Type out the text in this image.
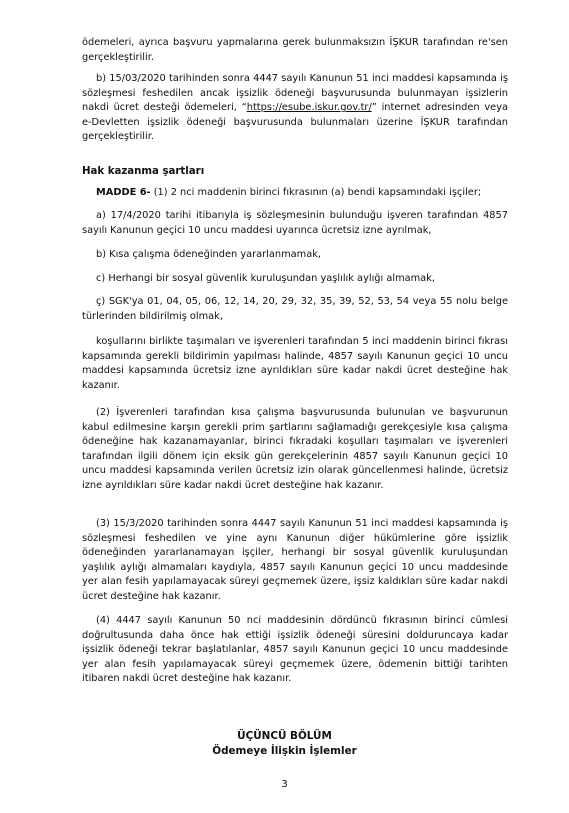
ödemeleri, ayrıca başvuru yapmalarına gerek bulunmaksızın İŞKUR tarafından re'sen gerçekleştirilir.

b) 15/03/2020 tarihinden sonra 4447 sayılı Kanunun 51 inci maddesi kapsamında iş sözleşmesi feshedilen ancak işsizlik ödeneği başvurusunda bulunmayan işsizlerin nakdi ücret desteği ödemeleri, “https://esube.iskur.gov.tr/” internet adresinden veya e-Devletten işsizlik ödeneği başvurusunda bulunmaları üzerine İŞKUR tarafından gerçekleştirilir.

Hak kazanma şartları

MADDE 6- (1) 2 nci maddenin birinci fıkrasının (a) bendi kapsamındaki işçiler;

a) 17/4/2020 tarihi itibarıyla iş sözleşmesinin bulunduğu işveren tarafından 4857 sayılı Kanunun geçici 10 uncu maddesi uyarınca ücretsiz izne ayrılmak,

b) Kısa çalışma ödeneğinden yararlanmamak,

c) Herhangi bir sosyal güvenlik kuruluşundan yaşlılık aylığı almamak,

ç) SGK'ya 01, 04, 05, 06, 12, 14, 20, 29, 32, 35, 39, 52, 53, 54 veya 55 nolu belge türlerinden bildirilmiş olmak,

koşullarını birlikte taşımaları ve işverenleri tarafından 5 inci maddenin birinci fıkrası kapsamında gerekli bildirimin yapılması halinde, 4857 sayılı Kanunun geçici 10 uncu maddesi kapsamında ücretsiz izne ayrıldıkları süre kadar nakdi ücret desteğine hak kazanır.

(2) İşverenleri tarafından kısa çalışma başvurusunda bulunulan ve başvurunun kabul edilmesine karşın gerekli prim şartlarını sağlamadığı gerekçesiyle kısa çalışma ödeneğine hak kazanamayanlar, birinci fıkradaki koşulları taşımaları ve işverenleri tarafından ilgili dönem için eksik gün gerekçelerinin 4857 sayılı Kanunun geçici 10 uncu maddesi kapsamında verilen ücretsiz izin olarak güncellenmesi halinde, ücretsiz izne ayrıldıkları süre kadar nakdi ücret desteğine hak kazanır.

(3) 15/3/2020 tarihinden sonra 4447 sayılı Kanunun 51 inci maddesi kapsamında iş sözleşmesi feshedilen ve yine aynı Kanunun diğer hükümlerine göre işsizlik ödeneğinden yararlanamayan işçiler, herhangi bir sosyal güvenlik kuruluşundan yaşlılık aylığı almamaları kaydıyla, 4857 sayılı Kanunun geçici 10 uncu maddesinde yer alan fesih yapılamayacak süreyi geçmemek üzere, işsiz kaldıkları süre kadar nakdi ücret desteğine hak kazanır.

(4) 4447 sayılı Kanunun 50 nci maddesinin dördüncü fıkrasının birinci cümlesi doğrultusunda daha önce hak ettiği işsizlik ödeneği süresini dolduruncaya kadar işsizlik ödeneği tekrar başlatılanlar, 4857 sayılı Kanunun geçici 10 uncu maddesinde yer alan fesih yapılamayacak süreyi geçmemek üzere, ödemenin bittiği tarihten itibaren nakdi ücret desteğine hak kazanır.

ÜÇÜNCÜ BÖLÜM

Ödemeye İlişkin İşlemler

3
